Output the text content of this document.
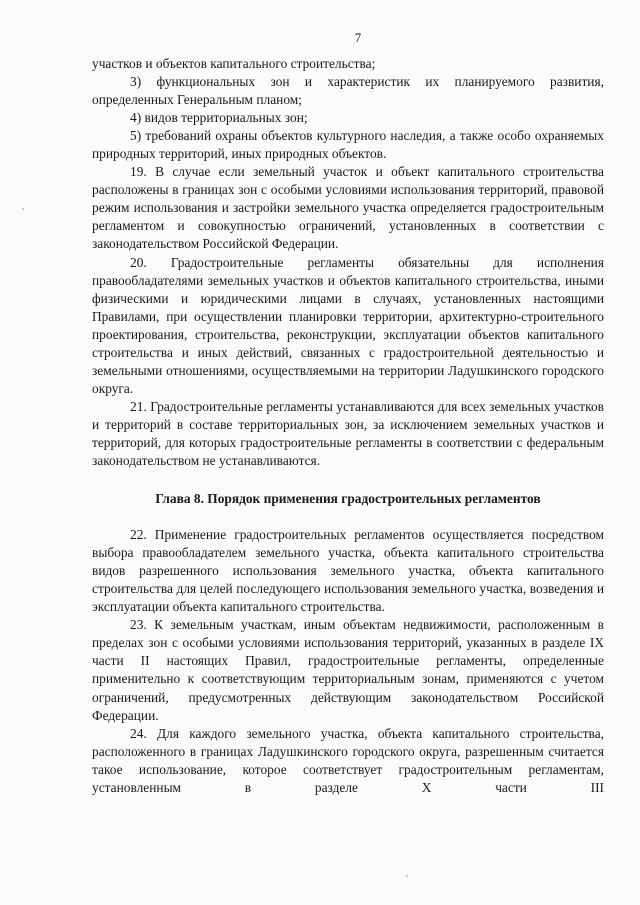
7

участков и объектов капитального строительства;

3) функциональных зон и характеристик их планируемого развития, определенных Генеральным планом;

4) видов территориальных зон;

5) требований охраны объектов культурного наследия, а также особо охраняемых природных территорий, иных природных объектов.

19. В случае если земельный участок и объект капитального строительства расположены в границах зон с особыми условиями использования территорий, правовой режим использования и застройки земельного участка определяется градостроительным регламентом и совокупностью ограничений, установленных в соответствии с законодательством Российской Федерации.

20. Градостроительные регламенты обязательны для исполнения правообладателями земельных участков и объектов капитального строительства, иными физическими и юридическими лицами в случаях, установленных настоящими Правилами, при осуществлении планировки территории, архитектурно-строительного проектирования, строительства, реконструкции, эксплуатации объектов капитального строительства и иных действий, связанных с градостроительной деятельностью и земельными отношениями, осуществляемыми на территории Ладушкинского городского округа.

21. Градостроительные регламенты устанавливаются для всех земельных участков и территорий в составе территориальных зон, за исключением земельных участков и территорий, для которых градостроительные регламенты в соответствии с федеральным законодательством не устанавливаются.

Глава 8. Порядок применения градостроительных регламентов

22. Применение градостроительных регламентов осуществляется посредством выбора правообладателем земельного участка, объекта капитального строительства видов разрешенного использования земельного участка, объекта капитального строительства для целей последующего использования земельного участка, возведения и эксплуатации объекта капитального строительства.

23. К земельным участкам, иным объектам недвижимости, расположенным в пределах зон с особыми условиями использования территорий, указанных в разделе IX части II настоящих Правил, градостроительные регламенты, определенные применительно к соответствующим территориальным зонам, применяются с учетом ограничений, предусмотренных действующим законодательством Российской Федерации.

24. Для каждого земельного участка, объекта капитального строительства, расположенного в границах Ладушкинского городского округа, разрешенным считается такое использование, которое соответствует градостроительным регламентам, установленным в разделе X части III
